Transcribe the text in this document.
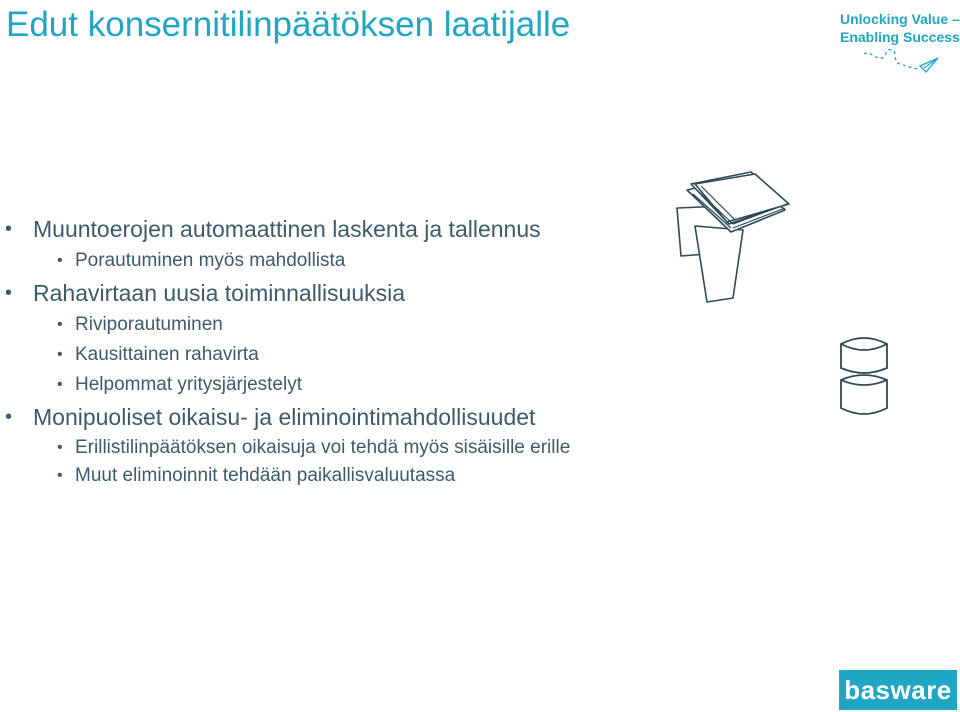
Edut konsernitilinpäätöksen laatijalle	Unlocking Value –
Enabling Success
• Muuntoerojen automaattinen laskenta ja tallennus
• Porautuminen myös mahdollista
• Rahavirtaan uusia toiminnallisuuksia
• Riviporautuminen
• Kausittainen rahavirta
• Helpommat yritysjärjestelyt
• Monipuoliset oikaisu- ja eliminointimahdollisuudet
• Erillistilinpäätöksen oikaisuja voi tehdä myös sisäisille erille
• Muut eliminoinnit tehdään paikallisvaluutassa
basware
